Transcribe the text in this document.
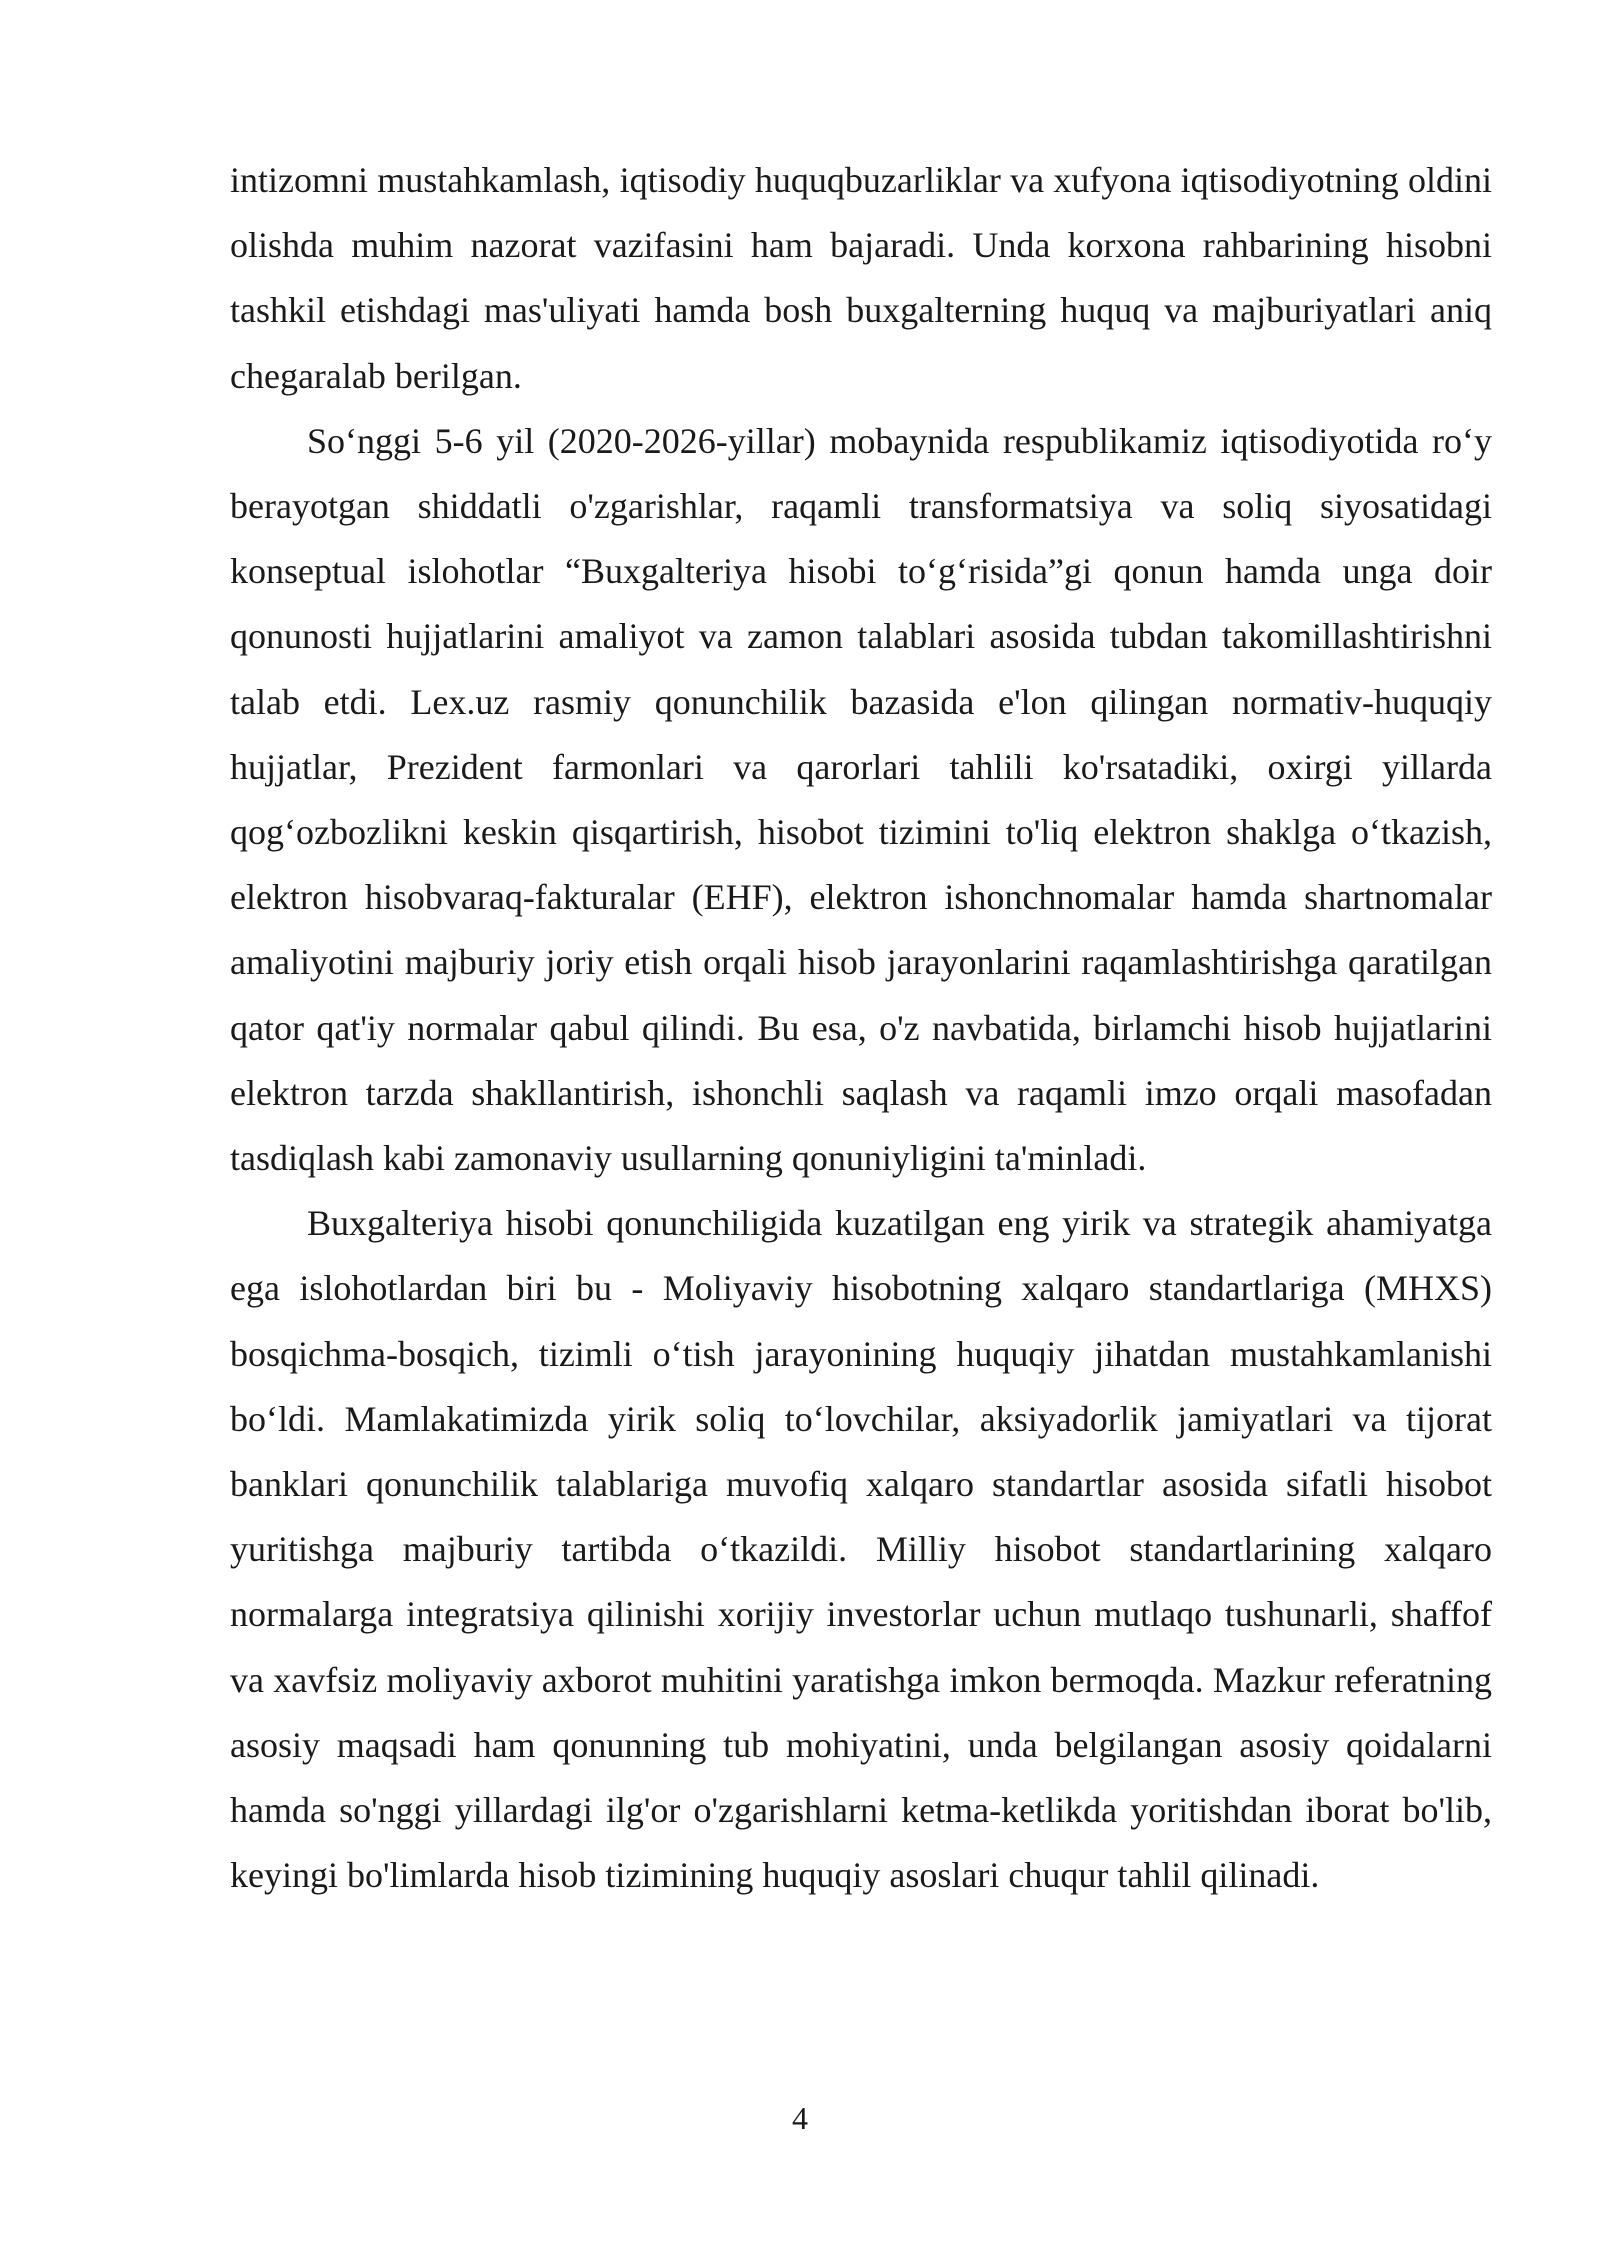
intizomni mustahkamlash, iqtisodiy huquqbuzarliklar va xufyona iqtisodiyotning oldini olishda muhim nazorat vazifasini ham bajaradi. Unda korxona rahbarining hisobni tashkil etishdagi mas'uliyati hamda bosh buxgalterning huquq va majburiyatlari aniq chegaralab berilgan.

So‘nggi 5-6 yil (2020-2026-yillar) mobaynida respublikamiz iqtisodiyotida ro‘y berayotgan shiddatli o'zgarishlar, raqamli transformatsiya va soliq siyosatidagi konseptual islohotlar “Buxgalteriya hisobi to‘g‘risida”gi qonun hamda unga doir qonunosti hujjatlarini amaliyot va zamon talablari asosida tubdan takomillashtirishni talab etdi. Lex.uz rasmiy qonunchilik bazasida e'lon qilingan normativ-huquqiy hujjatlar, Prezident farmonlari va qarorlari tahlili ko'rsatadiki, oxirgi yillarda qog‘ozbozlikni keskin qisqartirish, hisobot tizimini to'liq elektron shaklga o‘tkazish, elektron hisobvaraq-fakturalar (EHF), elektron ishonchnomalar hamda shartnomalar amaliyotini majburiy joriy etish orqali hisob jarayonlarini raqamlashtirishga qaratilgan qator qat'iy normalar qabul qilindi. Bu esa, o'z navbatida, birlamchi hisob hujjatlarini elektron tarzda shakllantirish, ishonchli saqlash va raqamli imzo orqali masofadan tasdiqlash kabi zamonaviy usullarning qonuniyligini ta'minladi.

Buxgalteriya hisobi qonunchiligida kuzatilgan eng yirik va strategik ahamiyatga ega islohotlardan biri bu - Moliyaviy hisobotning xalqaro standartlariga (MHXS) bosqichma-bosqich, tizimli o‘tish jarayonining huquqiy jihatdan mustahkamlanishi bo‘ldi. Mamlakatimizda yirik soliq to‘lovchilar, aksiyadorlik jamiyatlari va tijorat banklari qonunchilik talablariga muvofiq xalqaro standartlar asosida sifatli hisobot yuritishga majburiy tartibda o‘tkazildi. Milliy hisobot standartlarining xalqaro normalarga integratsiya qilinishi xorijiy investorlar uchun mutlaqo tushunarli, shaffof va xavfsiz moliyaviy axborot muhitini yaratishga imkon bermoqda. Mazkur referatning asosiy maqsadi ham qonunning tub mohiyatini, unda belgilangan asosiy qoidalarni hamda so'nggi yillardagi ilg'or o'zgarishlarni ketma-ketlikda yoritishdan iborat bo'lib, keyingi bo'limlarda hisob tizimining huquqiy asoslari chuqur tahlil qilinadi.

4
